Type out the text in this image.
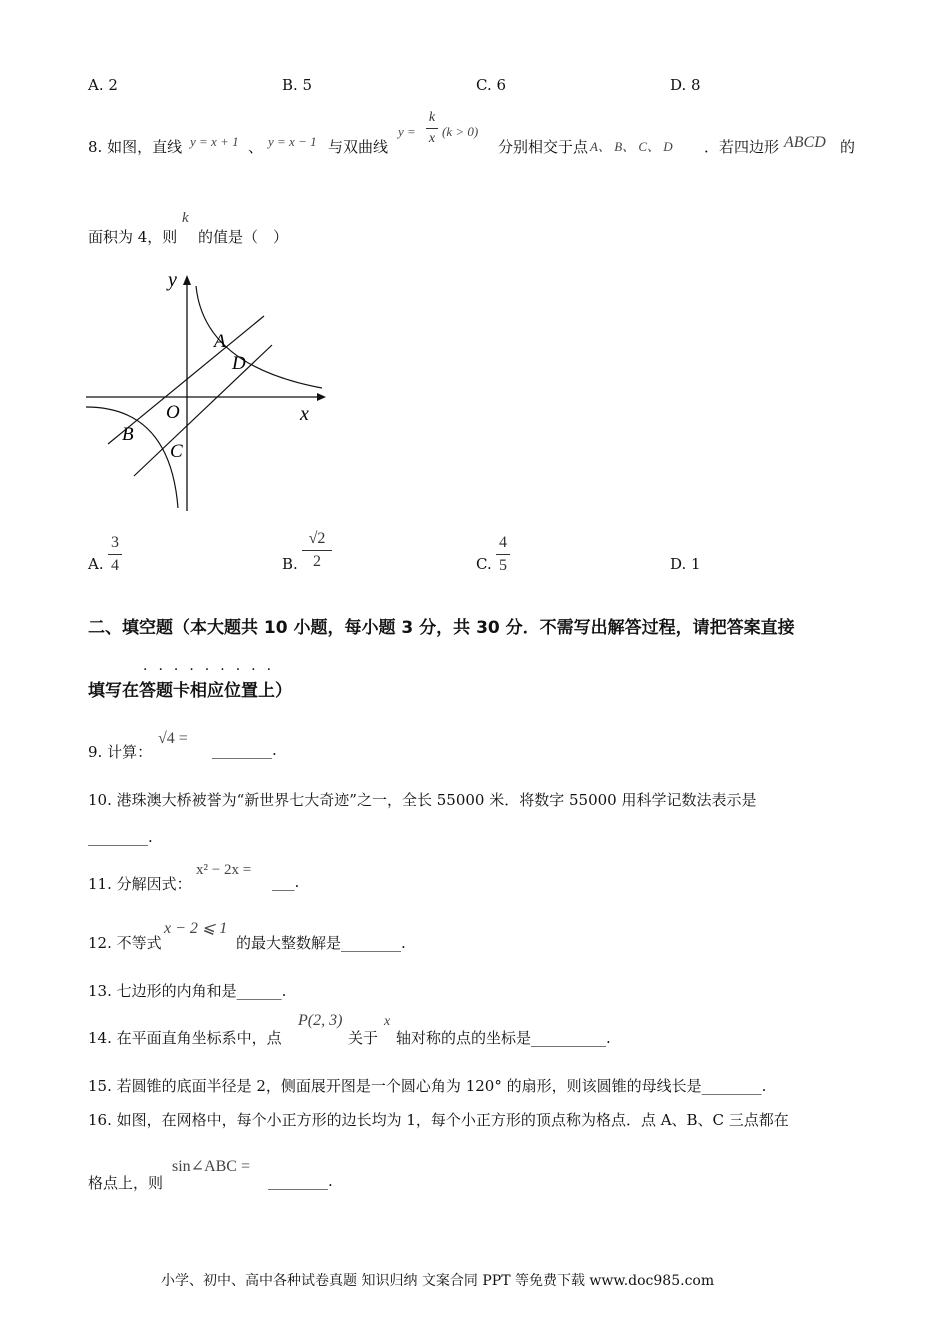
A. 2	B. 5	C. 6	D. 8
8. 如图，直线 y = x + 1 、 y = x − 1 与双曲线
y =
k
x (k > 0)
分别相交于点 A、 B、 C、 D ．若四边形 ABCD 的
面积为 4，则
k
的值是（　）
y
x
O
A
D
B
C
A.
3
4	B.
√2
2	C.
4
5	D. 1
二、填空题（本大题共 10 小题，每小题 3 分，共 30 分．不需写出解答过程，请把答案直接
·········
填写在答题卡相应位置上）
9. 计算：
√4 =
________.
10. 港珠澳大桥被誉为“新世界七大奇迹”之一，全长 55000 米．将数字 55000 用科学记数法表示是
________.
11. 分解因式：
x² − 2x =
___.
12. 不等式
x − 2 ⩽ 1
的最大整数解是________.
13. 七边形的内角和是______.
14. 在平面直角坐标系中，点
P(2, 3)
关于
x
轴对称的点的坐标是__________.
15. 若圆锥的底面半径是 2，侧面展开图是一个圆心角为 120° 的扇形，则该圆锥的母线长是________.
16. 如图，在网格中，每个小正方形的边长均为 1，每个小正方形的顶点称为格点．点 A、B、C 三点都在
格点上，则
sin∠ABC =
________.
小学、初中、高中各种试卷真题 知识归纳 文案合同 PPT 等免费下载 www.doc985.com
